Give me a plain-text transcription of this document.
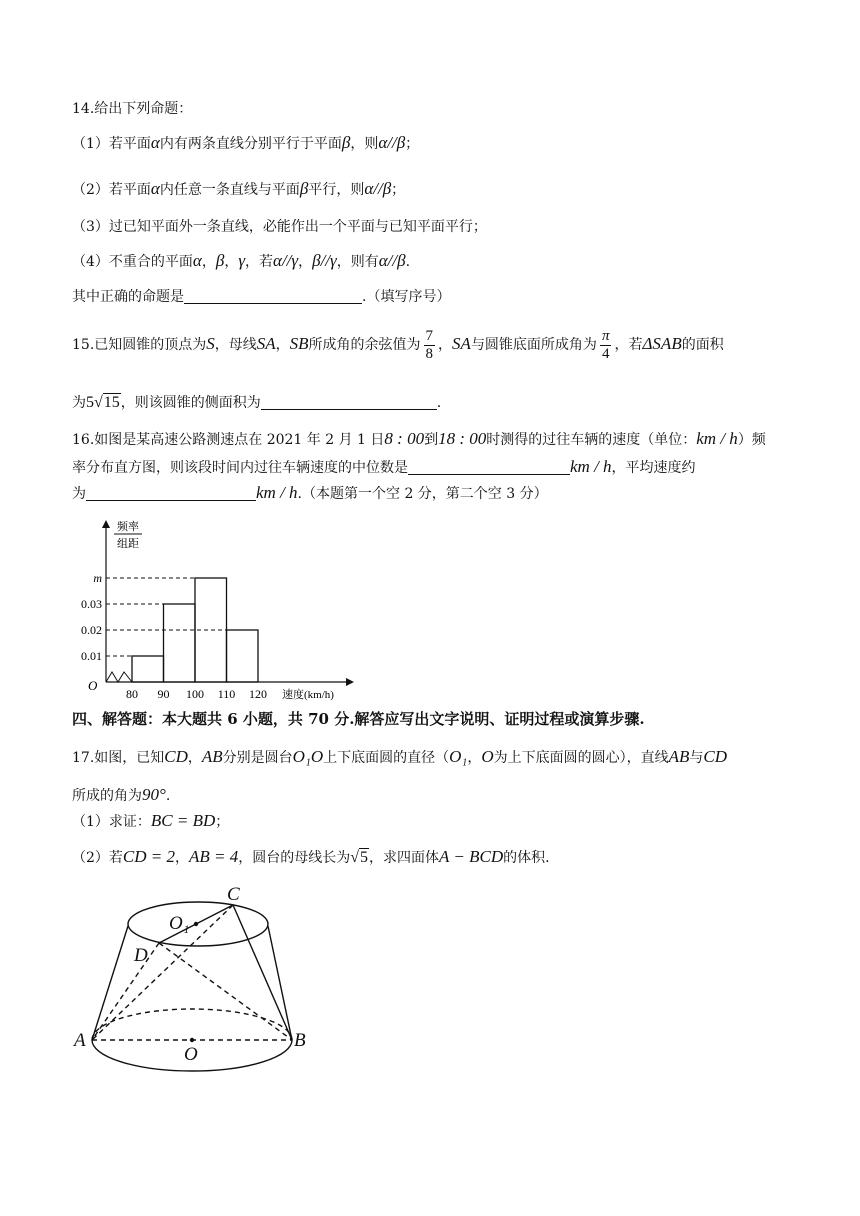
14.给出下列命题：
（1）若平面α内有两条直线分别平行于平面β，则α//β；
（2）若平面α内任意一条直线与平面β平行，则α//β；
（3）过已知平面外一条直线，必能作出一个平面与已知平面平行；
（4）不重合的平面α，β，γ，若α//γ，β//γ，则有α//β.
其中正确的命题是	.（填写序号）
15.已知圆锥的顶点为S，母线SA，SB所成角的余弦值为 $\frac{7}{8}$ ，SA与圆锥底面所成角为 $\frac{\pi}{4}$ ，若ΔSAB的面积
为5√15，则该圆锥的侧面积为	.
16.如图是某高速公路测速点在 2021 年 2 月 1 日8 : 00到18 : 00时测得的过往车辆的速度（单位：km / h）频
率分布直方图，则该段时间内过往车辆速度的中位数是	km / h，平均速度约
为	km / h.（本题第一个空 2 分，第二个空 3 分）
0.01
0.02
0.03
m
80 90 100 110 120
O
频率
组距
速度(km/h)
四、解答题：本大题共 6 小题，共 70 分.解答应写出文字说明、证明过程或演算步骤.
17.如图，已知CD，AB分别是圆台O₁O上下底面圆的直径（O₁，O为上下底面圆的圆心），直线AB与CD
所成的角为90°.
（1）求证：BC = BD；
（2）若CD = 2，AB = 4，圆台的母线长为√5，求四面体A − BCD的体积.
C
O₁
D
A	B
O
